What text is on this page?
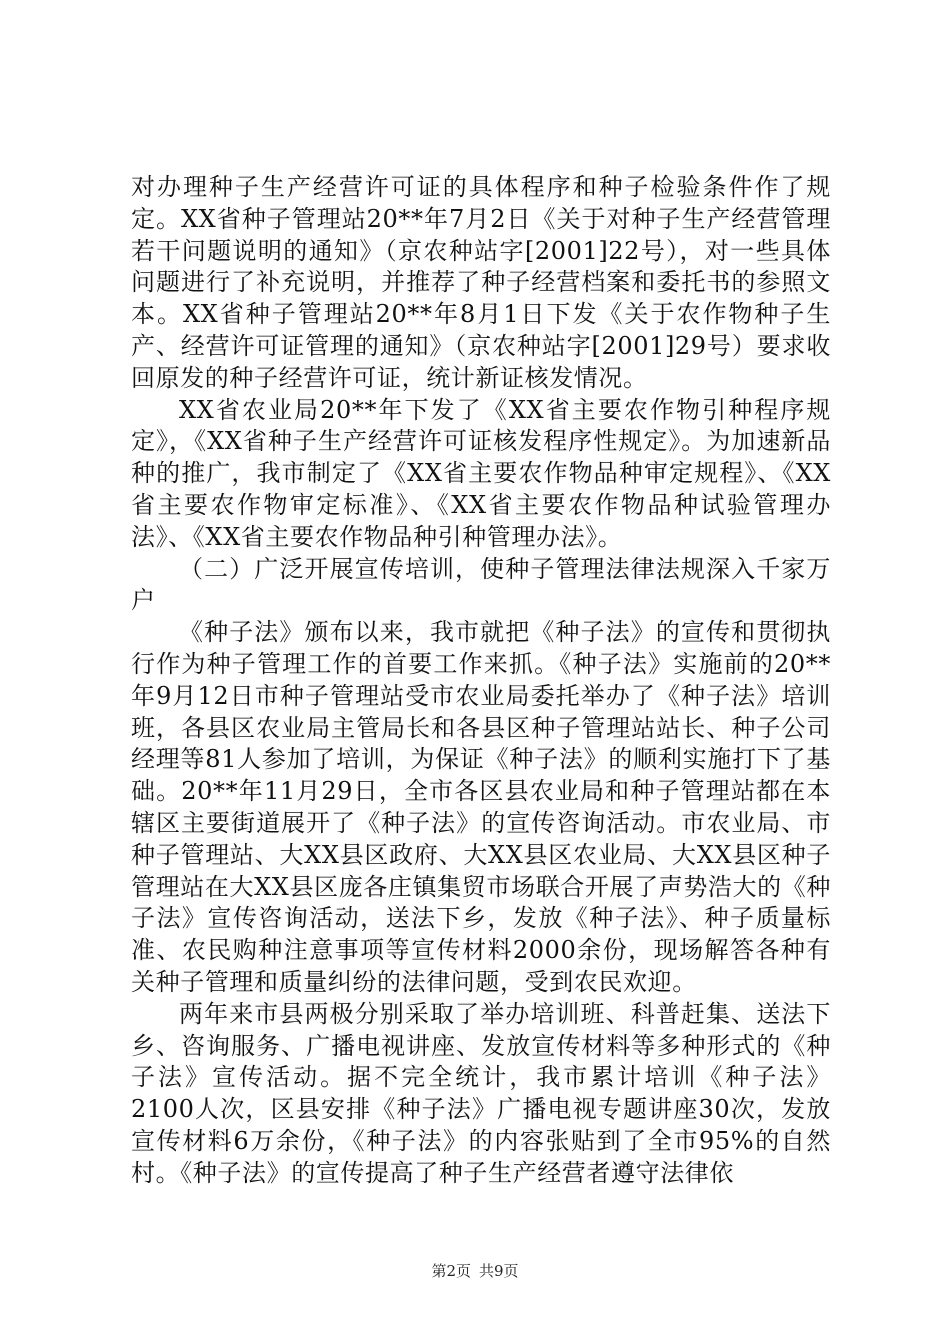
对办理种子生产经营许可证的具体程序和种子检验条件作了规定。XX省种子管理站20**年7月2日《关于对种子生产经营管理若干问题说明的通知》（京农种站字[2001]22号），对一些具体问题进行了补充说明，并推荐了种子经营档案和委托书的参照文本。XX省种子管理站20**年8月1日下发《关于农作物种子生产、经营许可证管理的通知》（京农种站字[2001]29号）要求收回原发的种子经营许可证，统计新证核发情况。

XX省农业局20**年下发了《XX省主要农作物引种程序规定》，《XX省种子生产经营许可证核发程序性规定》。为加速新品种的推广，我市制定了《XX省主要农作物品种审定规程》、《XX省主要农作物审定标准》、《XX省主要农作物品种试验管理办法》、《XX省主要农作物品种引种管理办法》。

（二）广泛开展宣传培训，使种子管理法律法规深入千家万户

《种子法》颁布以来，我市就把《种子法》的宣传和贯彻执行作为种子管理工作的首要工作来抓。《种子法》实施前的20**年9月12日市种子管理站受市农业局委托举办了《种子法》培训班，各县区农业局主管局长和各县区种子管理站站长、种子公司经理等81人参加了培训，为保证《种子法》的顺利实施打下了基础。20**年11月29日，全市各区县农业局和种子管理站都在本辖区主要街道展开了《种子法》的宣传咨询活动。市农业局、市种子管理站、大XX县区政府、大XX县区农业局、大XX县区种子管理站在大XX县区庞各庄镇集贸市场联合开展了声势浩大的《种子法》宣传咨询活动，送法下乡，发放《种子法》、种子质量标准、农民购种注意事项等宣传材料2000余份，现场解答各种有关种子管理和质量纠纷的法律问题，受到农民欢迎。

两年来市县两极分别采取了举办培训班、科普赶集、送法下乡、咨询服务、广播电视讲座、发放宣传材料等多种形式的《种子法》宣传活动。据不完全统计，我市累计培训《种子法》2100人次，区县安排《种子法》广播电视专题讲座30次，发放宣传材料6万余份，《种子法》的内容张贴到了全市95%的自然村。《种子法》的宣传提高了种子生产经营者遵守法律依

第2页 共9页
